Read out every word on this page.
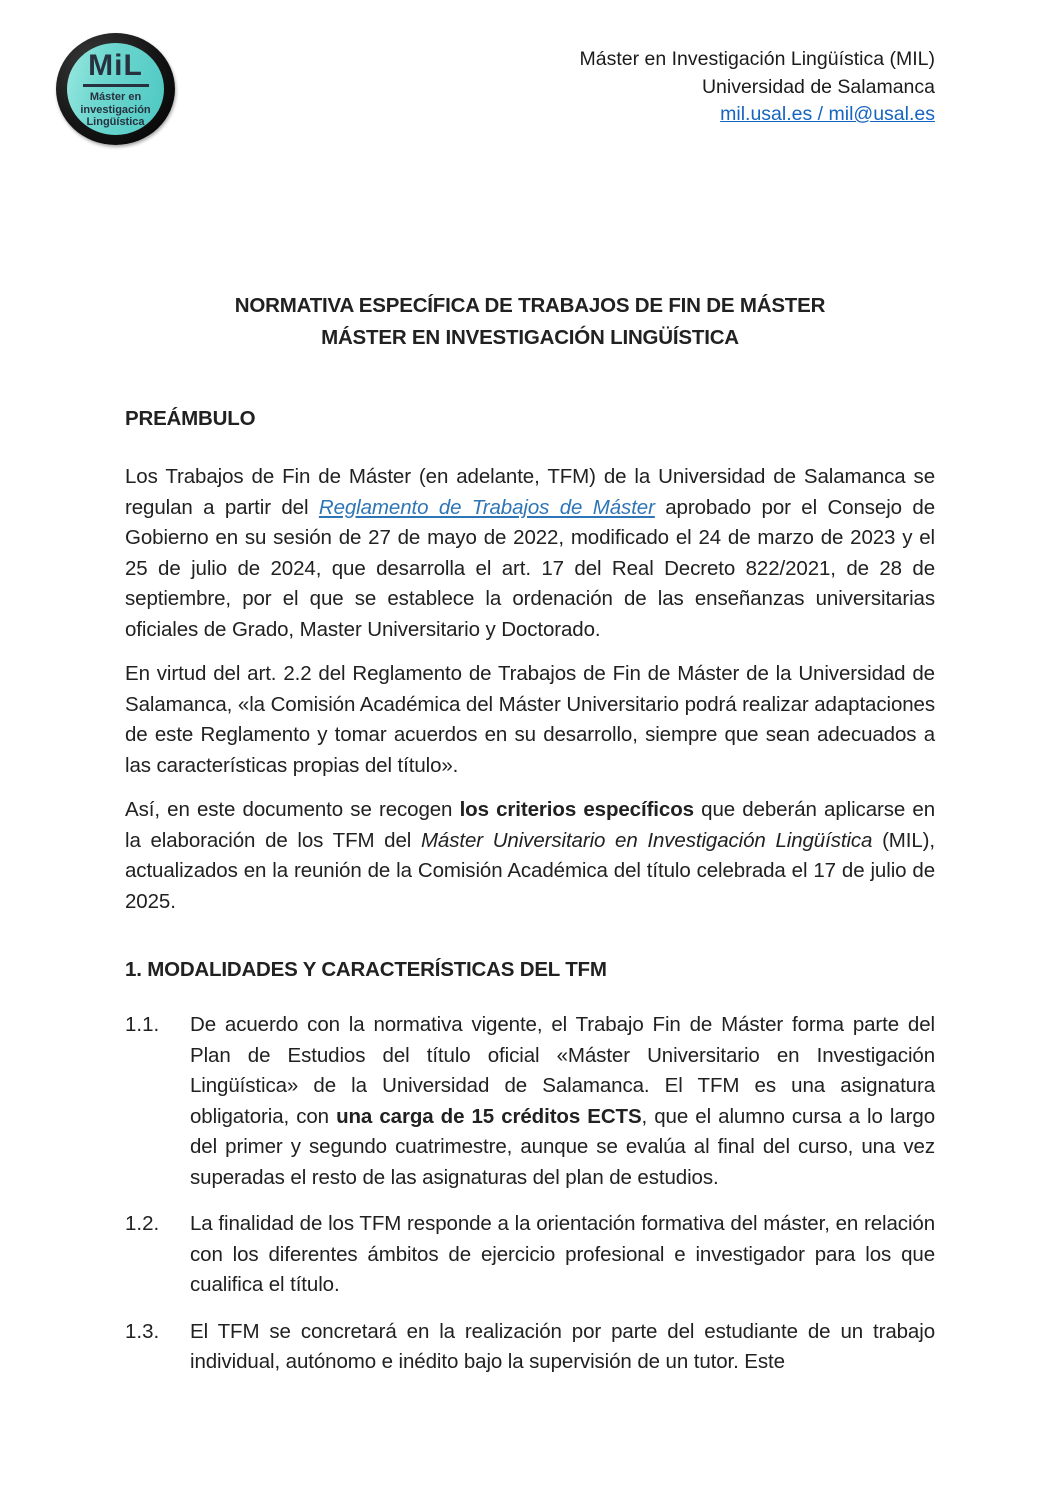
MiL
Máster en
investigación
Lingüística
Máster en Investigación Lingüística (MIL)
Universidad de Salamanca
mil.usal.es / mil@usal.es
NORMATIVA ESPECÍFICA DE TRABAJOS DE FIN DE MÁSTER
MÁSTER EN INVESTIGACIÓN LINGÜÍSTICA
PREÁMBULO

Los Trabajos de Fin de Máster (en adelante, TFM) de la Universidad de Salamanca se regulan a partir del Reglamento de Trabajos de Máster aprobado por el Consejo de Gobierno en su sesión de 27 de mayo de 2022, modificado el 24 de marzo de 2023 y el 25 de julio de 2024, que desarrolla el art. 17 del Real Decreto 822/2021, de 28 de septiembre, por el que se establece la ordenación de las enseñanzas universitarias oficiales de Grado, Master Universitario y Doctorado.

En virtud del art. 2.2 del Reglamento de Trabajos de Fin de Máster de la Universidad de Salamanca, «la Comisión Académica del Máster Universitario podrá realizar adaptaciones de este Reglamento y tomar acuerdos en su desarrollo, siempre que sean adecuados a las características propias del título».

Así, en este documento se recogen los criterios específicos que deberán aplicarse en la elaboración de los TFM del Máster Universitario en Investigación Lingüística (MIL), actualizados en la reunión de la Comisión Académica del título celebrada el 17 de julio de 2025.

1. MODALIDADES Y CARACTERÍSTICAS DEL TFM
1.1.	De acuerdo con la normativa vigente, el Trabajo Fin de Máster forma parte del Plan de Estudios del título oficial «Máster Universitario en Investigación Lingüística» de la Universidad de Salamanca. El TFM es una asignatura obligatoria, con una carga de 15 créditos ECTS, que el alumno cursa a lo largo del primer y segundo cuatrimestre, aunque se evalúa al final del curso, una vez superadas el resto de las asignaturas del plan de estudios.
1.2.	La finalidad de los TFM responde a la orientación formativa del máster, en relación con los diferentes ámbitos de ejercicio profesional e investigador para los que cualifica el título.
1.3.	El TFM se concretará en la realización por parte del estudiante de un trabajo individual, autónomo e inédito bajo la supervisión de un tutor. Este
